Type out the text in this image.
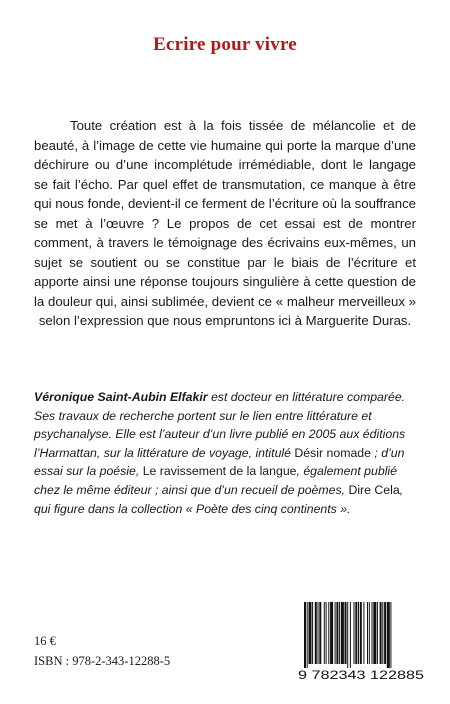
Ecrire pour vivre

Toute création est à la fois tissée de mélancolie et de beauté, à l’image de cette vie humaine qui porte la marque d’une déchirure ou d’une incomplétude irrémédiable, dont le langage se fait l’écho. Par quel effet de transmutation, ce manque à être qui nous fonde, devient-il ce ferment de l’écriture où la souffrance se met à l’œuvre ? Le propos de cet essai est de montrer comment, à travers le témoignage des écrivains eux-mêmes, un sujet se soutient ou se constitue par le biais de l’écriture et apporte ainsi une réponse toujours singulière à cette question de la douleur qui, ainsi sublimée, devient ce « malheur merveilleux » selon l’expression que nous empruntons ici à Marguerite Duras.

Véronique Saint-Aubin Elfakir est docteur en littérature comparée. Ses travaux de recherche portent sur le lien entre littérature et psychanalyse. Elle est l’auteur d’un livre publié en 2005 aux éditions l’Harmattan, sur la littérature de voyage, intitulé Désir nomade ; d’un essai sur la poésie, Le ravissement de la langue, également publié chez le même éditeur ; ainsi que d’un recueil de poèmes, Dire Cela, qui figure dans la collection « Poète des cinq continents ».

16 €
ISBN : 978-2-343-12288-5
9 782343 122885
